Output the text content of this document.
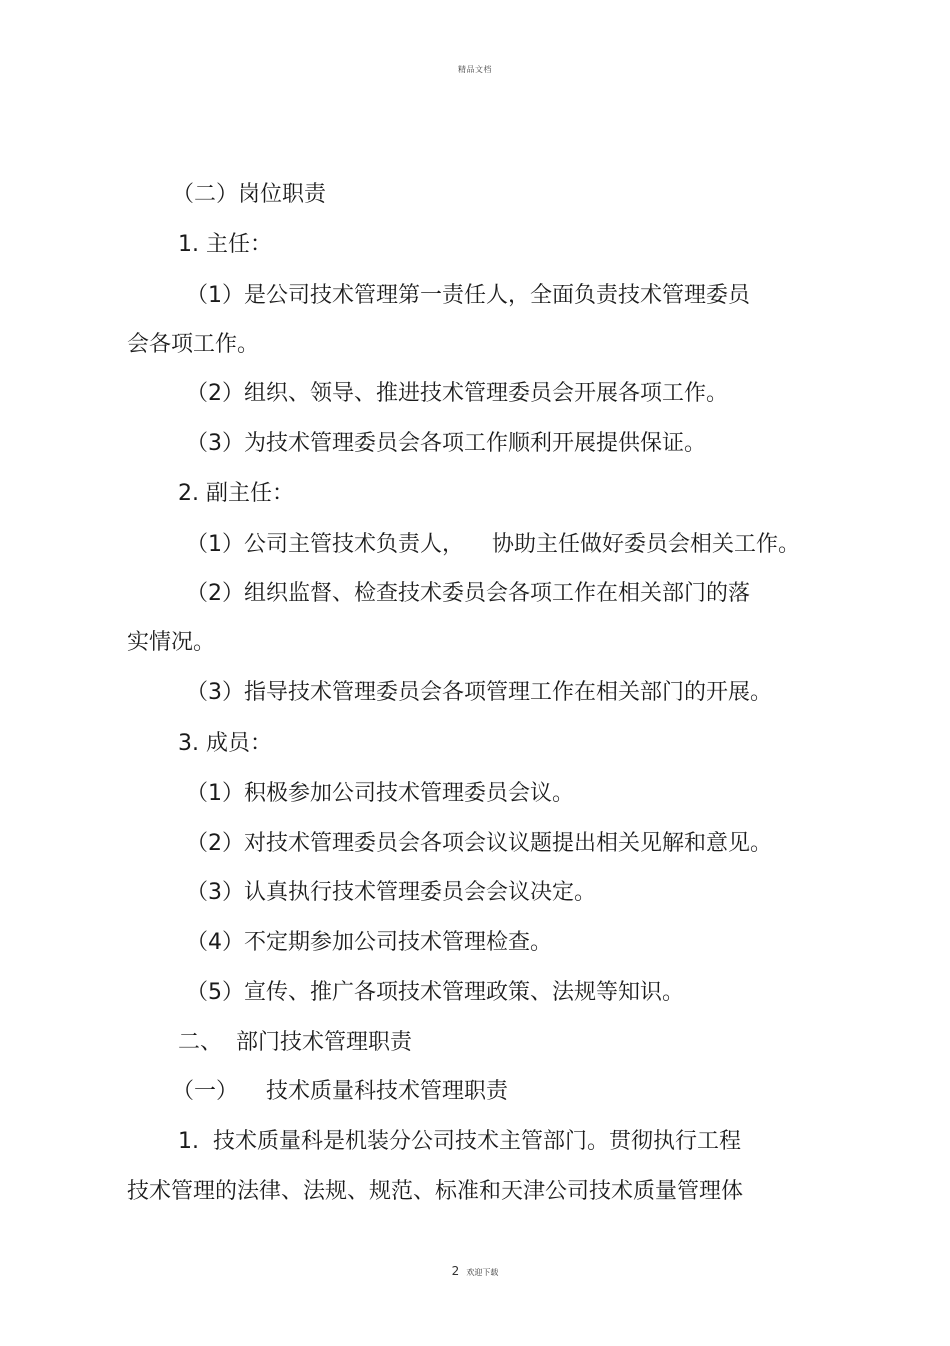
精品文档
（二）岗位职责
1. 主任：
（1）是公司技术管理第一责任人，全面负责技术管理委员
会各项工作。
（2）组织、领导、推进技术管理委员会开展各项工作。
（3）为技术管理委员会各项工作顺利开展提供保证。
2. 副主任：
（1）公司主管技术负责人，    协助主任做好委员会相关工作。
（2）组织监督、检查技术委员会各项工作在相关部门的落
实情况。
（3）指导技术管理委员会各项管理工作在相关部门的开展。
3. 成员：
（1）积极参加公司技术管理委员会议。
（2）对技术管理委员会各项会议议题提出相关见解和意见。
（3）认真执行技术管理委员会会议决定。
（4）不定期参加公司技术管理检查。
（5）宣传、推广各项技术管理政策、法规等知识。
二、  部门技术管理职责
（一）    技术质量科技术管理职责
1.  技术质量科是机装分公司技术主管部门。贯彻执行工程
技术管理的法律、法规、规范、标准和天津公司技术质量管理体
2 欢迎下载
